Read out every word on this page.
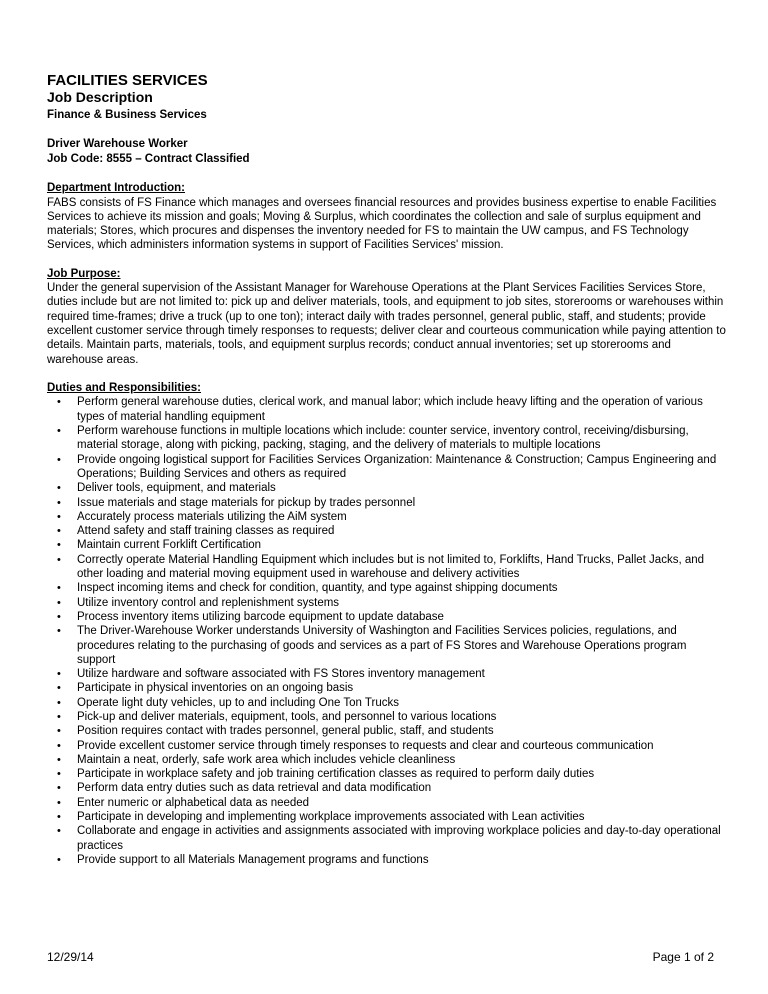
FACILITIES SERVICES
Job Description
Finance & Business Services
Driver Warehouse Worker
Job Code: 8555 – Contract Classified
Department Introduction:
FABS consists of FS Finance which manages and oversees financial resources and provides business expertise to enable Facilities Services to achieve its mission and goals; Moving & Surplus, which coordinates the collection and sale of surplus equipment and materials; Stores, which procures and dispenses the inventory needed for FS to maintain the UW campus, and FS Technology Services, which administers information systems in support of Facilities Services' mission.
Job Purpose:
Under the general supervision of the Assistant Manager for Warehouse Operations at the Plant Services Facilities Services Store, duties include but are not limited to: pick up and deliver materials, tools, and equipment to job sites, storerooms or warehouses within required time-frames; drive a truck (up to one ton); interact daily with trades personnel, general public, staff, and students; provide excellent customer service through timely responses to requests; deliver clear and courteous communication while paying attention to details. Maintain parts, materials, tools, and equipment surplus records; conduct annual inventories; set up storerooms and warehouse areas.
Duties and Responsibilities:
• Perform general warehouse duties, clerical work, and manual labor; which include heavy lifting and the operation of various types of material handling equipment
• Perform warehouse functions in multiple locations which include: counter service, inventory control, receiving/disbursing, material storage, along with picking, packing, staging, and the delivery of materials to multiple locations
• Provide ongoing logistical support for Facilities Services Organization: Maintenance & Construction; Campus Engineering and Operations; Building Services and others as required
• Deliver tools, equipment, and materials
• Issue materials and stage materials for pickup by trades personnel
• Accurately process materials utilizing the AiM system
• Attend safety and staff training classes as required
• Maintain current Forklift Certification
• Correctly operate Material Handling Equipment which includes but is not limited to, Forklifts, Hand Trucks, Pallet Jacks, and other loading and material moving equipment used in warehouse and delivery activities
• Inspect incoming items and check for condition, quantity, and type against shipping documents
• Utilize inventory control and replenishment systems
• Process inventory items utilizing barcode equipment to update database
• The Driver-Warehouse Worker understands University of Washington and Facilities Services policies, regulations, and procedures relating to the purchasing of goods and services as a part of FS Stores and Warehouse Operations program support
• Utilize hardware and software associated with FS Stores inventory management
• Participate in physical inventories on an ongoing basis
• Operate light duty vehicles, up to and including One Ton Trucks
• Pick-up and deliver materials, equipment, tools, and personnel to various locations
• Position requires contact with trades personnel, general public, staff, and students
• Provide excellent customer service through timely responses to requests and clear and courteous communication
• Maintain a neat, orderly, safe work area which includes vehicle cleanliness
• Participate in workplace safety and job training certification classes as required to perform daily duties
• Perform data entry duties such as data retrieval and data modification
• Enter numeric or alphabetical data as needed
• Participate in developing and implementing workplace improvements associated with Lean activities
• Collaborate and engage in activities and assignments associated with improving workplace policies and day-to-day operational practices
• Provide support to all Materials Management programs and functions
12/29/14	Page 1 of 2
